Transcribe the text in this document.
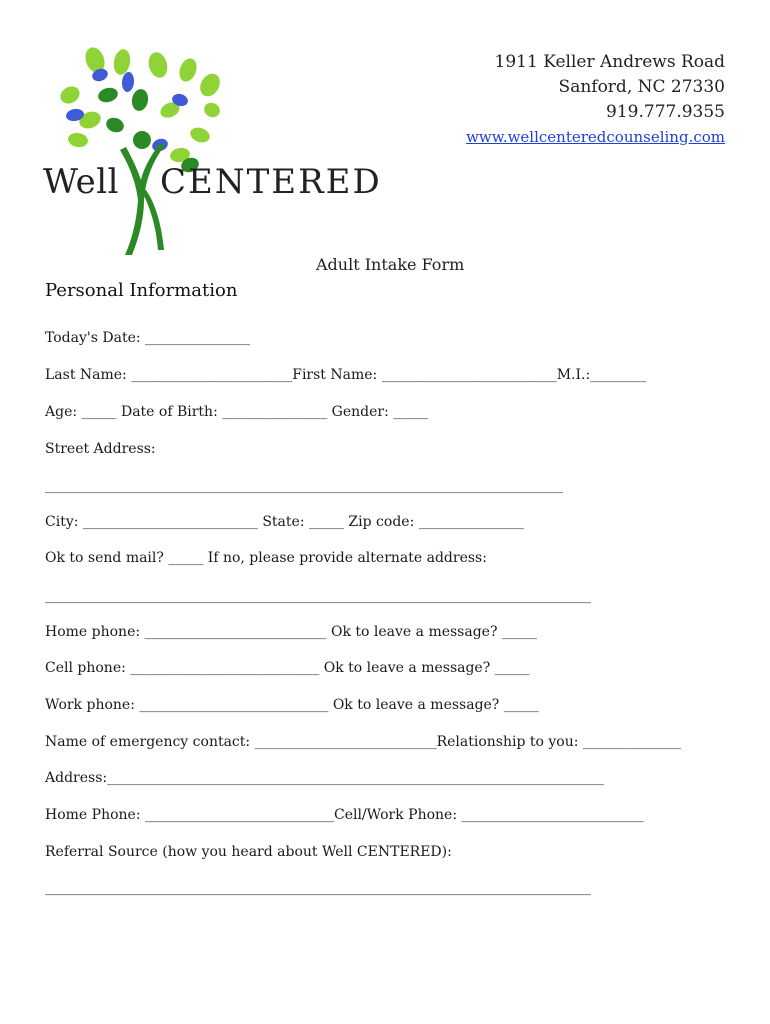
Well CENTERED
1911 Keller Andrews Road
Sanford, NC 27330
919.777.9355
www.wellcenteredcounseling.com
Adult Intake Form
Personal Information
Today's Date: _______________
Last Name: _______________________First Name: _________________________M.I.:________
Age: _____ Date of Birth: _______________ Gender: _____
Street Address:
__________________________________________________________________________
City: _________________________ State: _____ Zip code: _______________
Ok to send mail? _____ If no, please provide alternate address:
______________________________________________________________________________
Home phone: __________________________ Ok to leave a message? _____
Cell phone: ___________________________ Ok to leave a message? _____
Work phone: ___________________________ Ok to leave a message? _____
Name of emergency contact: __________________________Relationship to you: ______________
Address:_______________________________________________________________________
Home Phone: ___________________________Cell/Work Phone: __________________________
Referral Source (how you heard about Well CENTERED):
______________________________________________________________________________
